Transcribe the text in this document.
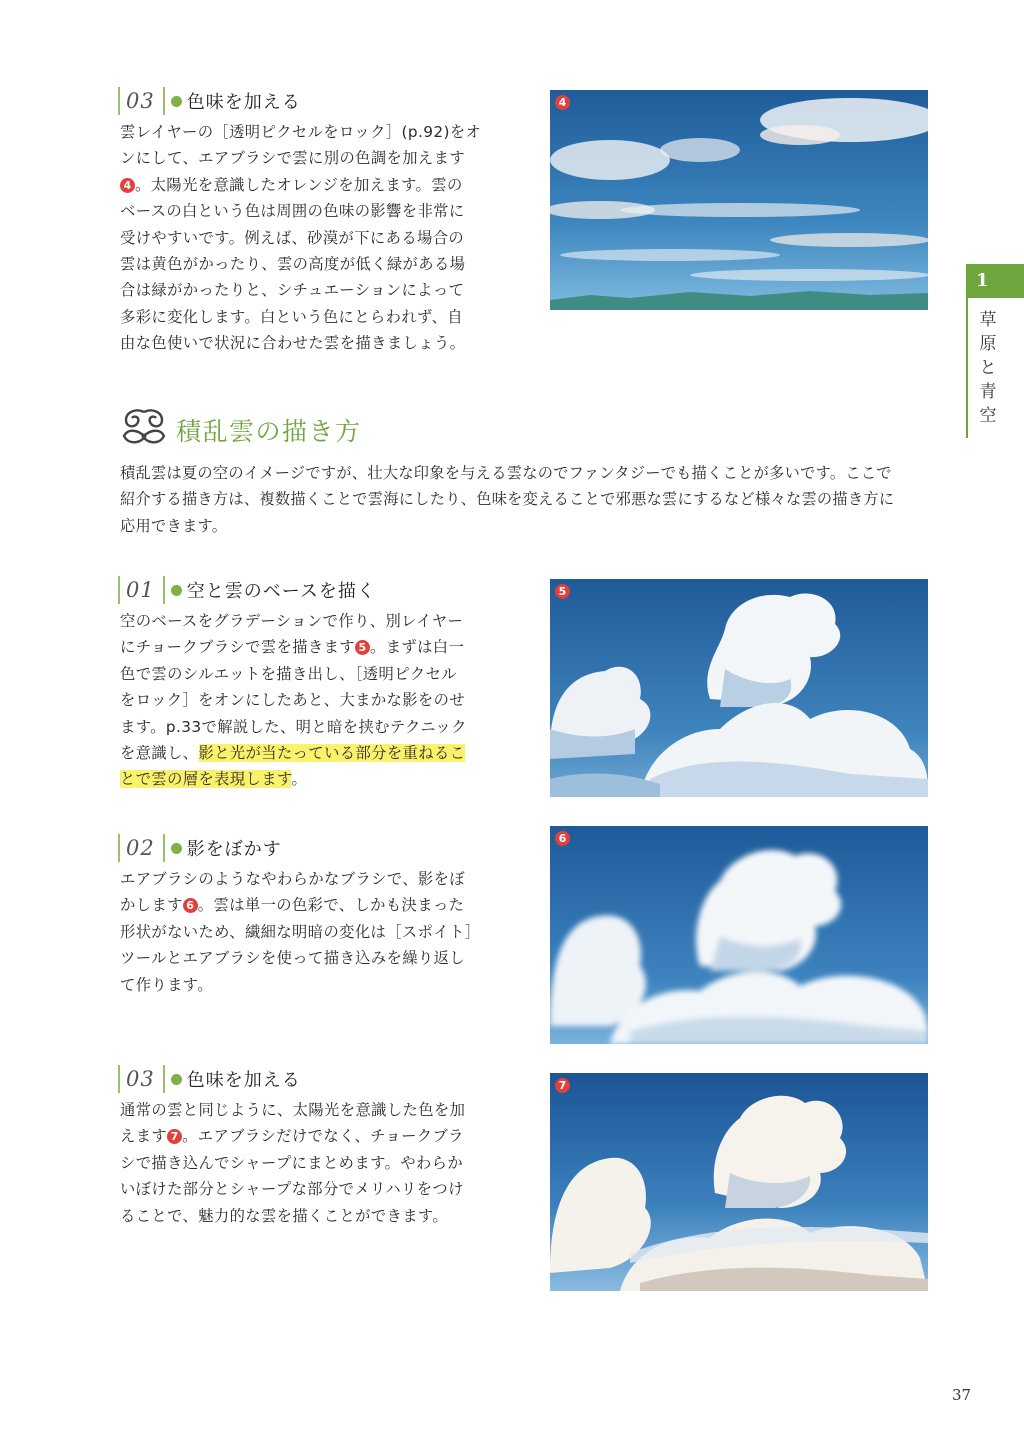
03 色味を加える
雲レイヤーの［透明ピクセルをロック］(p.92)をオ
ンにして、エアブラシで雲に別の色調を加えます
4 。太陽光を意識したオレンジを加えます。雲の
ベースの白という色は周囲の色味の影響を非常に
受けやすいです。例えば、砂漠が下にある場合の
雲は黄色がかったり、雲の高度が低く緑がある場
合は緑がかったりと、シチュエーションによって
多彩に変化します。白という色にとらわれず、自
由な色使いで状況に合わせた雲を描きましょう。
4
1
草
原
と
青
空
積乱雲の描き方
積乱雲は夏の空のイメージですが、壮大な印象を与える雲なのでファンタジーでも描くことが多いです。ここで
紹介する描き方は、複数描くことで雲海にしたり、色味を変えることで邪悪な雲にするなど様々な雲の描き方に
応用できます。
01 空と雲のベースを描く
空のベースをグラデーションで作り、別レイヤー
にチョークブラシで雲を描きます 5 。まずは白一
色で雲のシルエットを描き出し、［透明ピクセル
をロック］をオンにしたあと、大まかな影をのせ
ます。p.33で解説した、明と暗を挟むテクニック
を意識し、影と光が当たっている部分を重ねるこ
とで雲の層を表現します。
5
02 影をぼかす
エアブラシのようなやわらかなブラシで、影をぼ
かします 6 。雲は単一の色彩で、しかも決まった
形状がないため、繊細な明暗の変化は［スポイト］
ツールとエアブラシを使って描き込みを繰り返し
て作ります。
6
03 色味を加える
通常の雲と同じように、太陽光を意識した色を加
えます 7 。エアブラシだけでなく、チョークブラ
シで描き込んでシャープにまとめます。やわらか
いぼけた部分とシャープな部分でメリハリをつけ
ることで、魅力的な雲を描くことができます。
7
37
